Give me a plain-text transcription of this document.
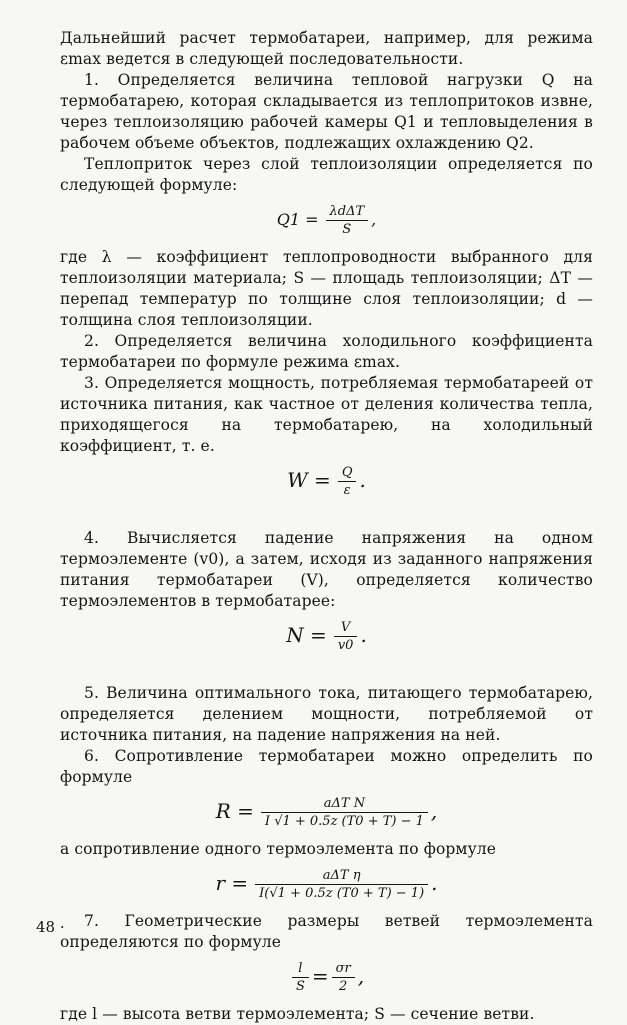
Дальнейший расчет термобатареи, например, для режима εmax ведется в следующей последовательности.

1. Определяется величина тепловой нагрузки Q на термобатарею, которая складывается из теплопритоков извне, через теплоизоляцию рабочей камеры Q1 и тепловыделения в рабочем объеме объектов, подлежащих охлаждению Q2.

Теплоприток через слой теплоизоляции определяется по следующей формуле:

$Q1 = \frac{\text{λdΔT}}{S}$ ,

где λ — коэффициент теплопроводности выбранного для теплоизоляции материала; S — площадь теплоизоляции; ΔT — перепад температур по толщине слоя теплоизоляции; d — толщина слоя теплоизоляции.

2. Определяется величина холодильного коэффициента термобатареи по формуле режима εmax.

3. Определяется мощность, потребляемая термобатареей от источника питания, как частное от деления количества тепла, приходящегося на термобатарею, на холодильный коэффициент, т. е.

$W = \frac{Q}{\varepsilon}$ .

4. Вычисляется падение напряжения на одном термоэлементе (v0), а затем, исходя из заданного напряжения питания термобатареи (V), определяется количество термоэлементов в термобатарее:

$N = \frac{V}{v0}$ .

5. Величина оптимального тока, питающего термобатарею, определяется делением мощности, потребляемой от источника питания, на падение напряжения на ней.

6. Сопротивление термобатареи можно определить по формуле

$R = \frac{\text{aΔT N}}{I √1 + 0.5z (T0 + T) - 1}$ ,

а сопротивление одного термоэлемента по формуле

$r = \frac{\text{aΔT η}}{I(√1 + 0.5z (T0 + T) - 1)}$ .

7. Геометрические размеры ветвей термоэлемента определяются по формуле

$\frac{l}{S} = \frac{\sigma r}{2}$ ,

где l — высота ветви термоэлемента; S — сечение ветви.

48 ·
